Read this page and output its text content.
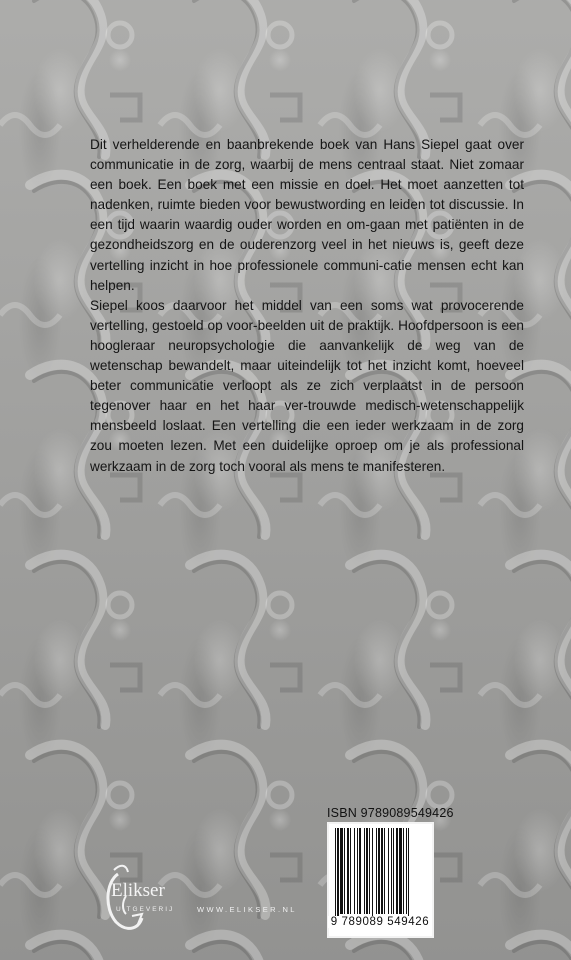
Dit verhelderende en baanbrekende boek van Hans Siepel gaat over communicatie in de zorg, waarbij de mens centraal staat. Niet zomaar een boek. Een boek met een missie en doel. Het moet aanzetten tot nadenken, ruimte bieden voor bewustwording en leiden tot discussie. In een tijd waarin waardig ouder worden en om-gaan met patiënten in de gezondheidszorg en de ouderenzorg veel in het nieuws is, geeft deze vertelling inzicht in hoe professionele communi-catie mensen echt kan helpen.

Siepel koos daarvoor het middel van een soms wat provocerende vertelling, gestoeld op voor-beelden uit de praktijk. Hoofdpersoon is een hoogleraar neuropsychologie die aanvankelijk de weg van de wetenschap bewandelt, maar uiteindelijk tot het inzicht komt, hoeveel beter communicatie verloopt als ze zich verplaatst in de persoon tegenover haar en het haar ver-trouwde medisch-wetenschappelijk mensbeeld loslaat. Een vertelling die een ieder werkzaam in de zorg zou moeten lezen. Met een duidelijke oproep om je als professional werkzaam in de zorg toch vooral als mens te manifesteren.

ISBN 9789089549426
9 789089 549426
Elikser
UITGEVERIJ	WWW.ELIKSER.NL
